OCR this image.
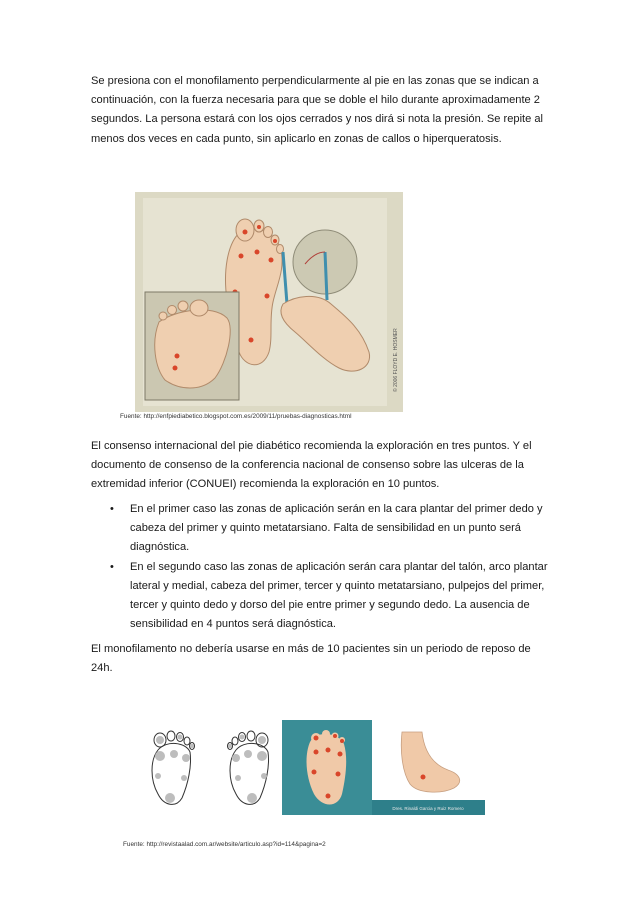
Se presiona con el monofilamento perpendicularmente al pie en las zonas que se indican a continuación, con la fuerza necesaria para que se doble el hilo durante aproximadamente 2 segundos. La persona estará con los ojos cerrados y nos dirá si nota la presión. Se repite al menos dos veces en cada punto, sin aplicarlo en zonas de callos o hiperqueratosis.

© 2006 FLOYD E. HOSMER
Fuente: http://enfpiediabetico.blogspot.com.es/2009/11/pruebas-diagnosticas.html

El consenso internacional del pie diabético recomienda la exploración en tres puntos. Y el documento de consenso de la conferencia nacional de consenso sobre las ulceras de la extremidad inferior (CONUEI) recomienda la exploración en 10 puntos.

• En el primer caso las zonas de aplicación serán en la cara plantar del primer dedo y cabeza del primer y quinto metatarsiano. Falta de sensibilidad en un punto será diagnóstica.
• En el segundo caso las zonas de aplicación serán cara plantar del talón, arco plantar lateral y medial, cabeza del primer, tercer y quinto metatarsiano, pulpejos del primer, tercer y quinto dedo y dorso del pie entre primer y segundo dedo. La ausencia de sensibilidad en 4 puntos será diagnóstica.

El monofilamento no debería usarse en más de 10 pacientes sin un periodo de reposo de 24h.

Dres. Rinaldi Garcia y Ruiz Romero
Fuente: http://revistaalad.com.ar/website/articulo.asp?id=114&pagina=2
